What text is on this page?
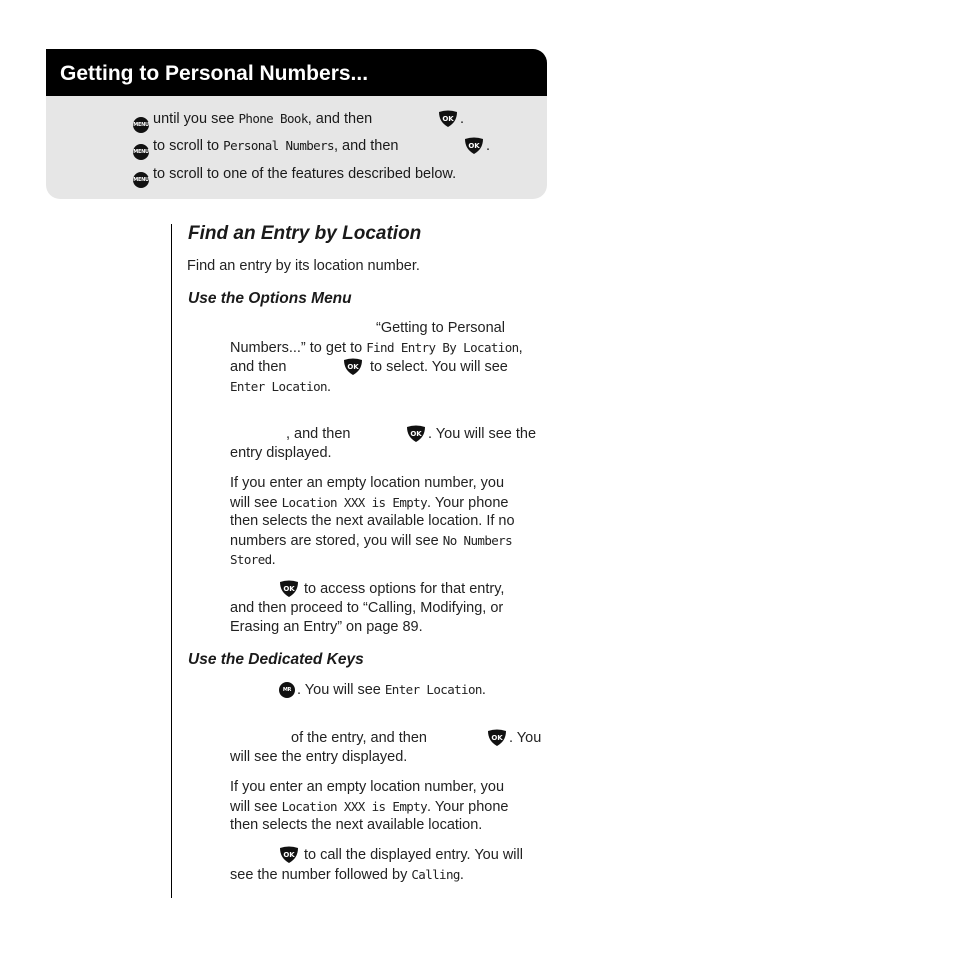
Getting to Personal Numbers...
MENU until you see Phone Book, and then	OK .
MENU to scroll to Personal Numbers, and then	OK .
MENU to scroll to one of the features described below.
Find an Entry by Location
Find an entry by its location number.
Use the Options Menu
“Getting to Personal
Numbers...” to get to Find Entry By Location,
and then	OK to select. You will see
Enter Location.
, and then	OK . You will see the
entry displayed.
If you enter an empty location number, you
will see Location XXX is Empty. Your phone
then selects the next available location. If no
numbers are stored, you will see No Numbers
Stored.
OK to access options for that entry,
and then proceed to “Calling, Modifying, or
Erasing an Entry” on page 89.
Use the Dedicated Keys
MR . You will see Enter Location.
of the entry, and then	OK . You
will see the entry displayed.
If you enter an empty location number, you
will see Location XXX is Empty. Your phone
then selects the next available location.
OK to call the displayed entry. You will
see the number followed by Calling.
